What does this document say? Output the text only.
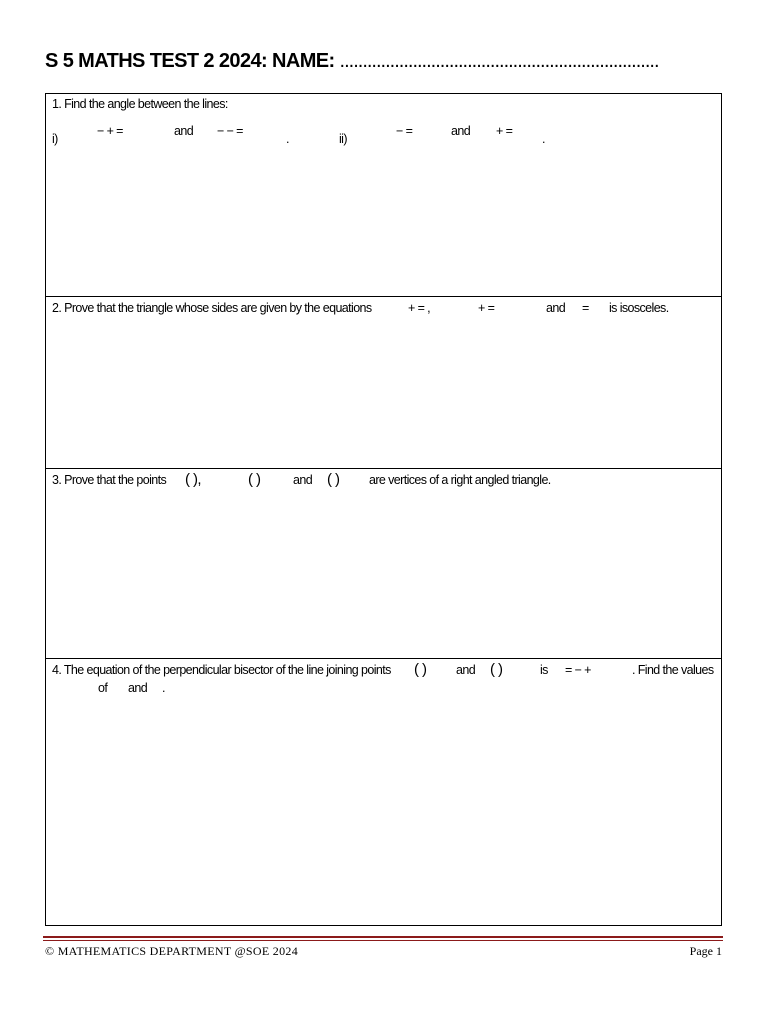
S 5 MATHS TEST 2 2024: NAME: ......................................................................
1. Find the angle between the lines:
i)
− + =	and − − =
.	ii)
− =	and + =
.
2. Prove that the triangle whose sides are given by the equations	+ = ,	+ =	and = is isosceles.
3. Prove that the points ( ),	( )	and ( ) are vertices of a right angled triangle.
4. The equation of the perpendicular bisector of the line joining points ( ) and ( )	is = − +	. Find the values
of and .
© MATHEMATICS DEPARTMENT @SOE 2024	Page 1
